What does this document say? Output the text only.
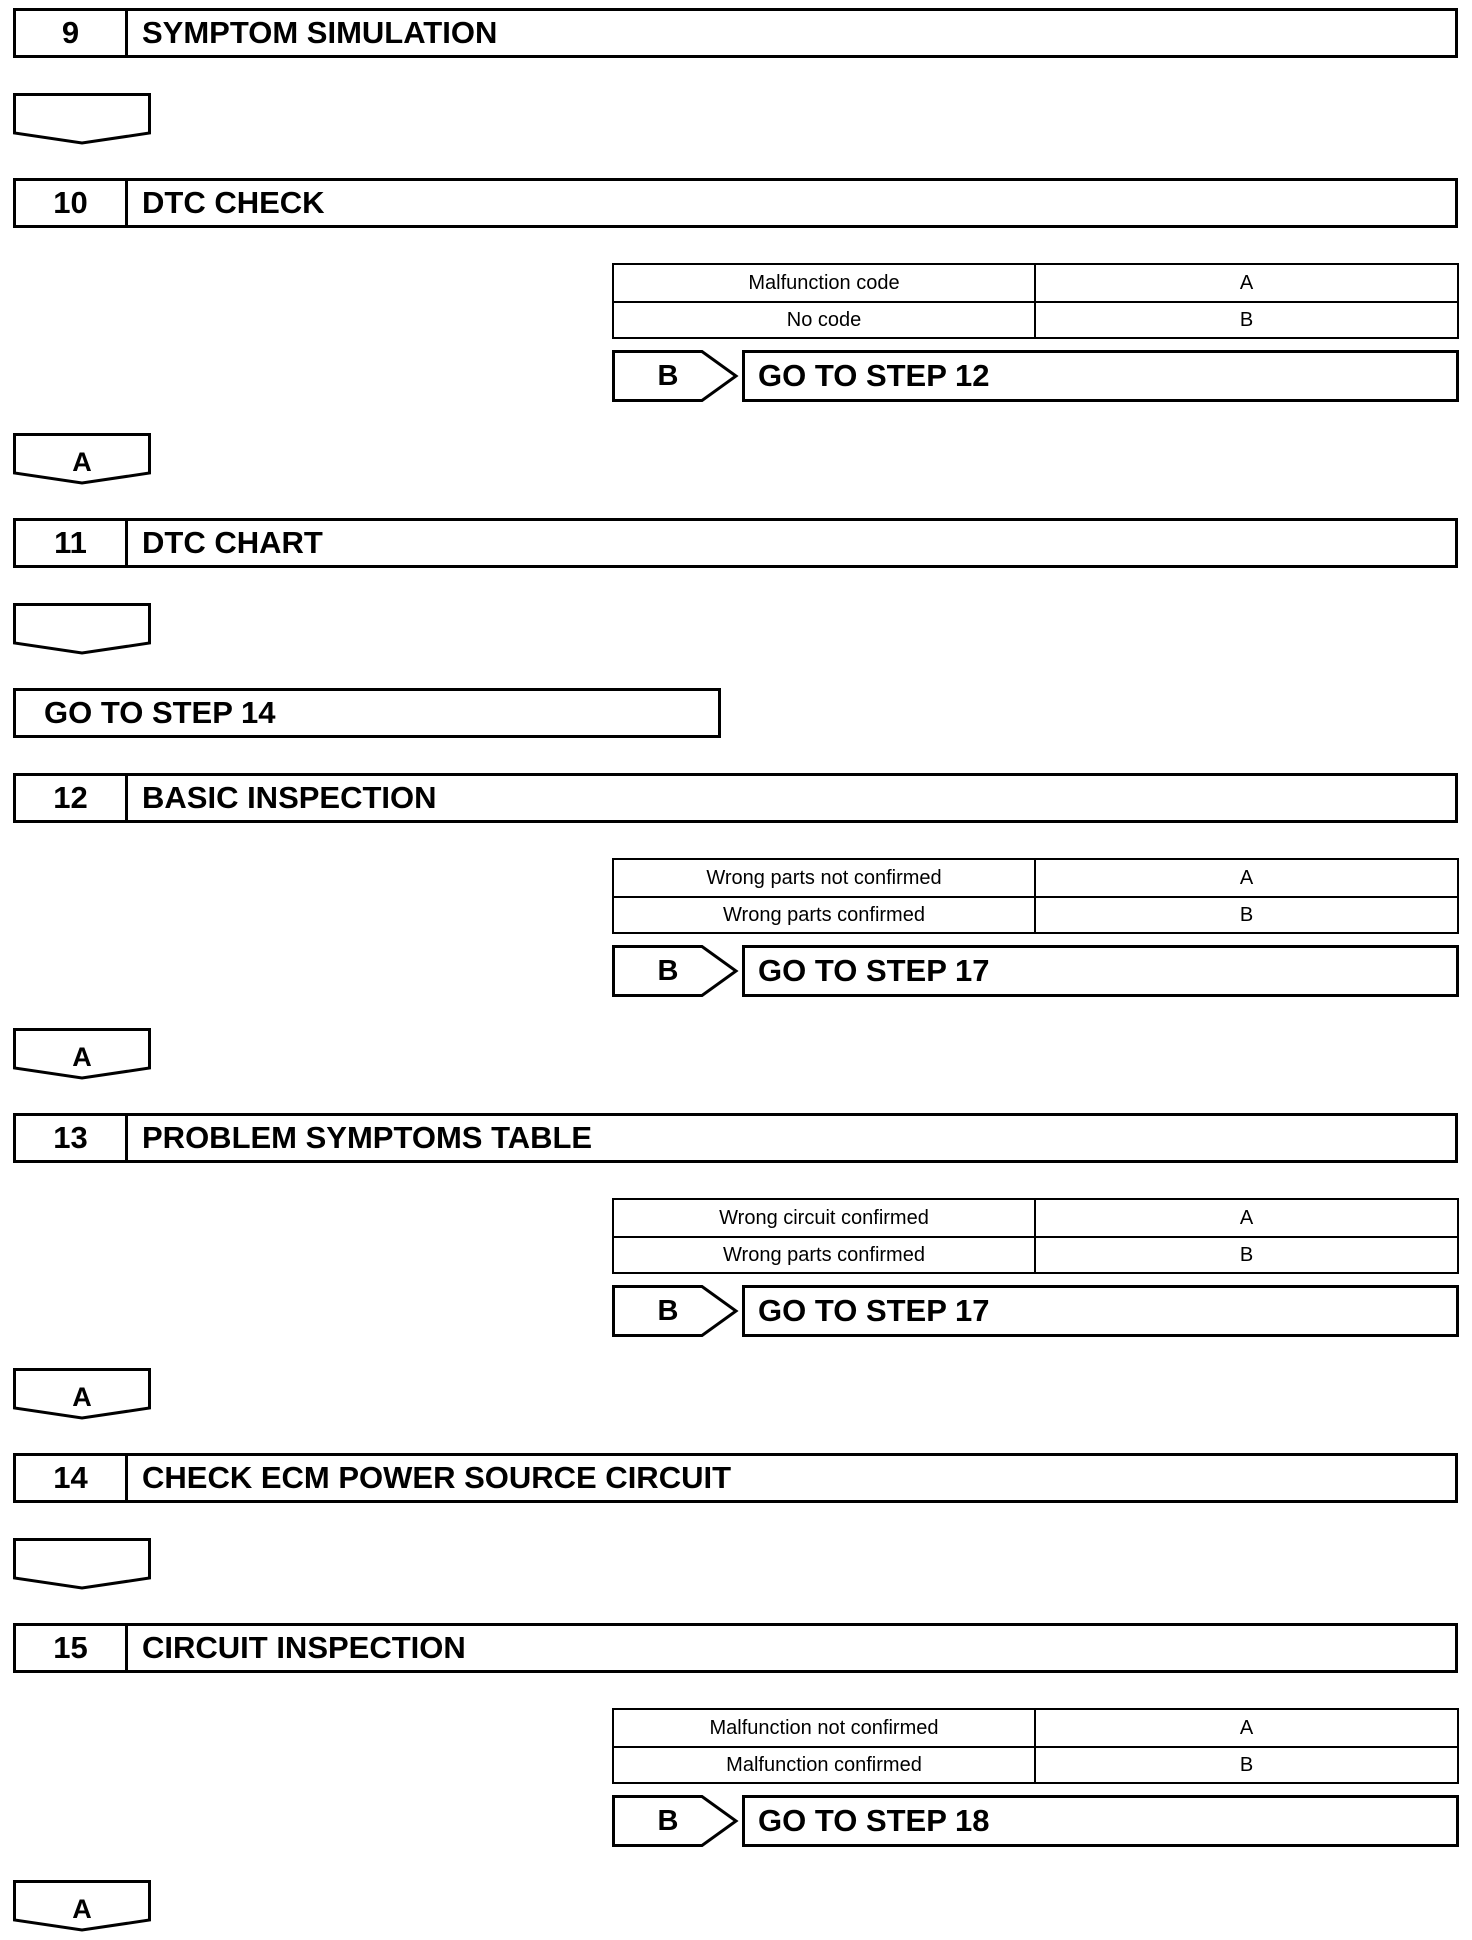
9	SYMPTOM SIMULATION
10	DTC CHECK
Malfunction code	A
No code	B
B	GO TO STEP 12
A
11	DTC CHART
GO TO STEP 14
12	BASIC INSPECTION
Wrong parts not confirmed	A
Wrong parts confirmed	B
B	GO TO STEP 17
A
13	PROBLEM SYMPTOMS TABLE
Wrong circuit confirmed	A
Wrong parts confirmed	B
B	GO TO STEP 17
A
14	CHECK ECM POWER SOURCE CIRCUIT
15	CIRCUIT INSPECTION
Malfunction not confirmed	A
Malfunction confirmed	B
B	GO TO STEP 18
A
